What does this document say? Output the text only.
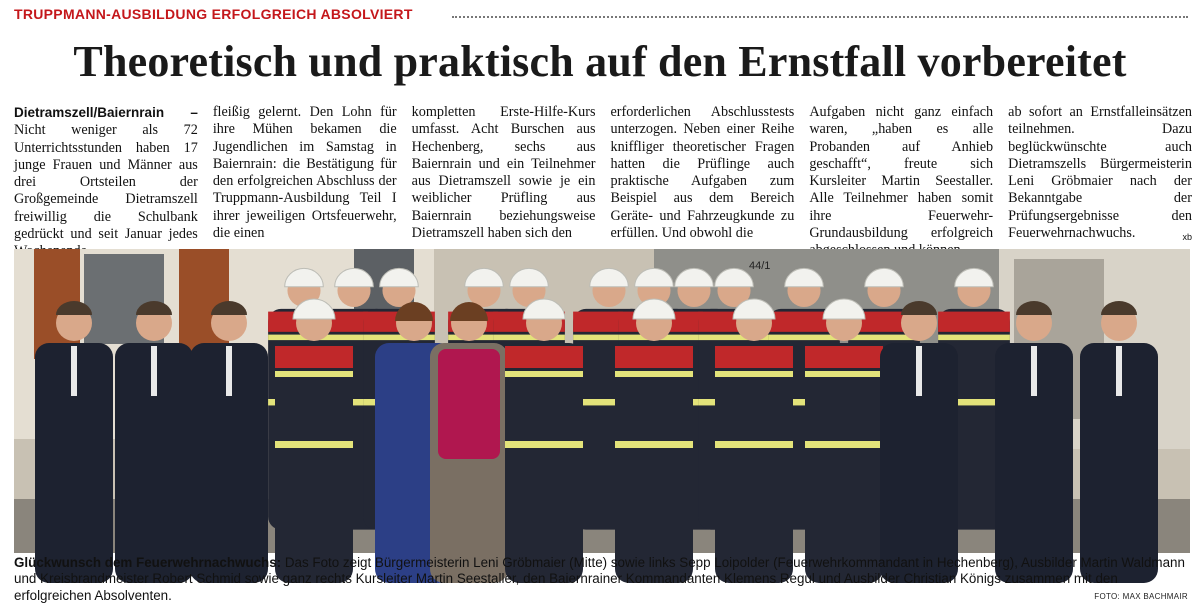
TRUPPMANN-AUSBILDUNG ERFOLGREICH ABSOLVIERT
Theoretisch und praktisch auf den Ernstfall vorbereitet
Dietramszell/Baiernrain –Nicht weniger als 72 Unterrichtsstunden haben 17 junge Frauen und Männer aus drei Ortsteilen der Großgemeinde Dietramszell freiwillig die Schulbank gedrückt und seit Januar jedes
fleißig gelernt. Den Lohn für ihre Mühen bekamen die Jugendlichen im Samstag in Baiernrain: die Bestätigung für den erfolgreichen Abschluss der Truppmann-Ausbildung Teil I ihrer jeweiligen Ortsfeuerwehr, die einen
kompletten Erste-Hilfe-Kurs umfasst. Acht Burschen aus Hechenberg, sechs aus Baiernrain und ein Teilnehmer aus Dietramszell sowie je ein weiblicher Prüfling aus Baiernrain beziehungsweise Dietramszell haben sich den
erforderlichen Abschlusstests unterzogen. Neben einer Reihe kniffliger theoretischer Fragen hatten die Prüflinge auch praktische Aufgaben zum Beispiel aus dem Bereich Geräte- und Fahrzeugkunde zu erfüllen. Und obwohl die
Aufgaben nicht ganz einfach waren, „haben es alle Probanden auf Anhieb geschafft“, freute sich Kursleiter Martin Seestaller. Alle Teilnehmer haben somit ihre Feuerwehr-Grundausbildung erfolgreich
ab sofort an Ernstfalleinsätzen teilnehmen. Dazu beglückwünschte auch Dietramszells Bürgermeisterin Leni Gröbmaier nach der Bekanntgabe der Prüfungsergebnisse den Feuerwehrnachwuchs.	xb
44/1
Glückwunsch dem Feuerwehrnachwuchs: Das Foto zeigt Bürgermeisterin Leni Gröbmaier (Mitte) sowie links Sepp Loipolder (Feuerwehrkommandant in Hechenberg), Ausbilder Martin Waldmann und Kreisbrandmeister Robert Schmid sowie ganz rechts Kursleiter Martin Seestaller, den Baiernrainer Kommandanten Klemens Regul und Ausbilder Christian Königs zusammen mit den erfolgreichen Absolventen.	FOTO: MAX BACHMAIR
